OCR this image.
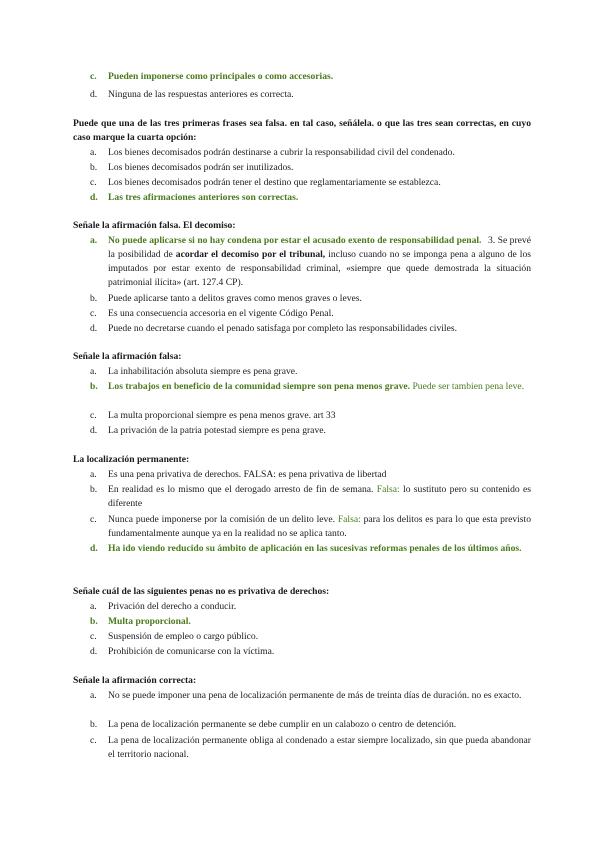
c.	Pueden imponerse como principales o como accesorias.
d.	Ninguna de las respuestas anteriores es correcta.
Puede que una de las tres primeras frases sea falsa. en tal caso, señálela. o que las tres sean correctas, en cuyo caso marque la cuarta opción:
a.	Los bienes decomisados podrán destinarse a cubrir la responsabilidad civil del condenado.
b.	Los bienes decomisados podrán ser inutilizados.
c.	Los bienes decomisados podrán tener el destino que reglamentariamente se establezca.
d.	Las tres afirmaciones anteriores son correctas.
Señale la afirmación falsa. El decomiso:
a.	No puede aplicarse si no hay condena por estar el acusado exento de responsabilidad penal. 3. Se prevé la posibilidad de acordar el decomiso por el tribunal, incluso cuando no se imponga pena a alguno de los imputados por estar exento de responsabilidad criminal, «siempre que quede demostrada la situación patrimonial ilícita» (art. 127.4 CP).
b.	Puede aplicarse tanto a delitos graves como menos graves o leves.
c.	Es una consecuencia accesoria en el vigente Código Penal.
d.	Puede no decretarse cuando el penado satisfaga por completo las responsabilidades civiles.
Señale la afirmación falsa:
a.	La inhabilitación absoluta siempre es pena grave.
b.	Los trabajos en beneficio de la comunidad siempre son pena menos grave. Puede ser tambien pena leve.
c.	La multa proporcional siempre es pena menos grave. art 33
d.	La privación de la patria potestad siempre es pena grave.
La localización permanente:
a.	Es una pena privativa de derechos. FALSA: es pena privativa de libertad
b.	En realidad es lo mismo que el derogado arresto de fin de semana. Falsa: lo sustituto pero su contenido es diferente
c.	Nunca puede imponerse por la comisión de un delito leve. Falsa: para los delitos es para lo que esta previsto fundamentalmente aunque ya en la realidad no se aplica tanto.
d.	Ha ido viendo reducido su ámbito de aplicación en las sucesivas reformas penales de los últimos años.
Señale cuál de las siguientes penas no es privativa de derechos:
a.	Privación del derecho a conducir.
b.	Multa proporcional.
c.	Suspensión de empleo o cargo público.
d.	Prohibición de comunicarse con la víctima.
Señale la afirmación correcta:
a.	No se puede imponer una pena de localización permanente de más de treinta días de duración. no es exacto.
b.	La pena de localización permanente se debe cumplir en un calabozo o centro de detención.
c.	La pena de localización permanente obliga al condenado a estar siempre localizado, sin que pueda abandonar el territorio nacional.
